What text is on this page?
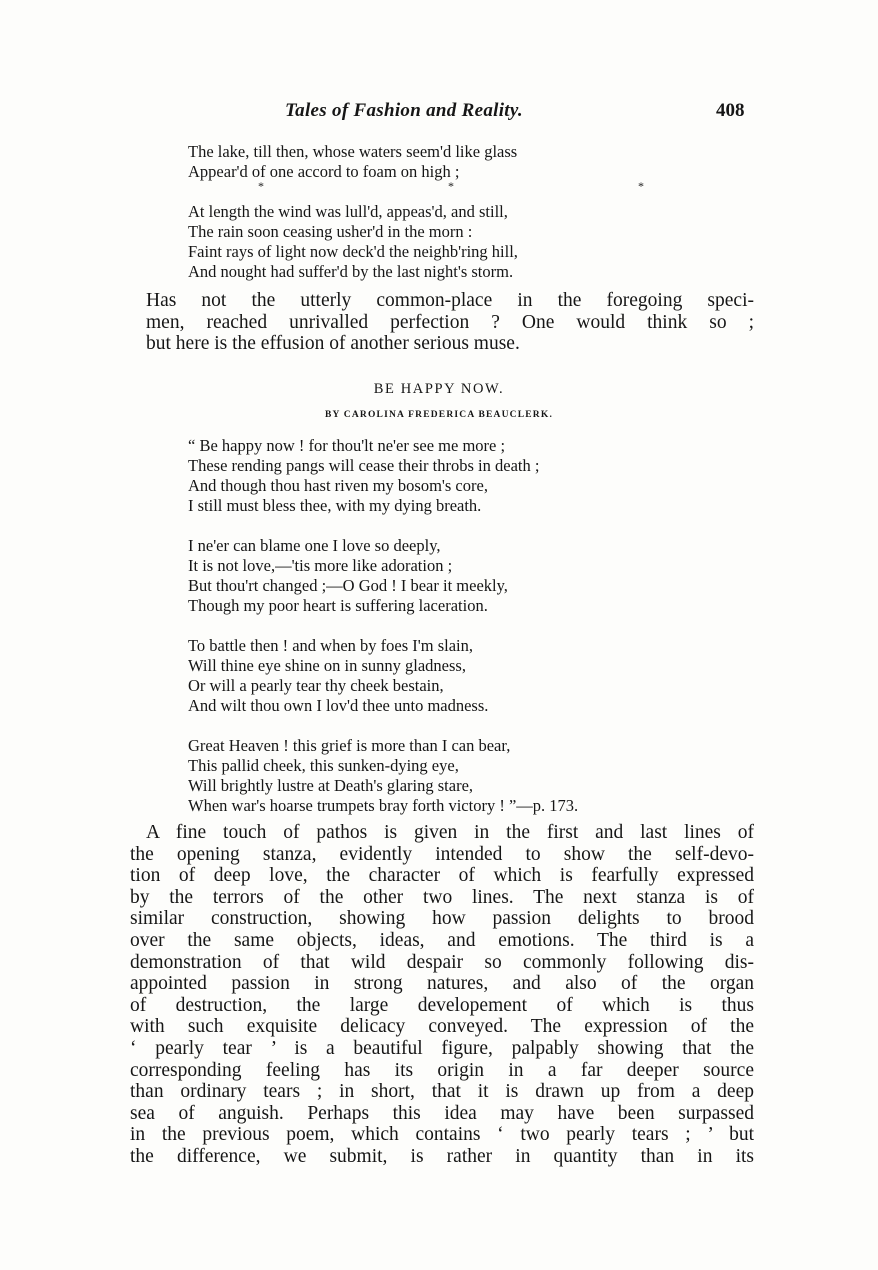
Tales of Fashion and Reality.	408
The lake, till then, whose waters seem'd like glass
Appear'd of one accord to foam on high ;
*	*	*
At length the wind was lull'd, appeas'd, and still,
The rain soon ceasing usher'd in the morn :
Faint rays of light now deck'd the neighb'ring hill,
And nought had suffer'd by the last night's storm.
Has not the utterly common-place in the foregoing speci-
men, reached unrivalled perfection ? One would think so ;
but here is the effusion of another serious muse.
BE HAPPY NOW.
BY CAROLINA FREDERICA BEAUCLERK.
“ Be happy now ! for thou'lt ne'er see me more ;
These rending pangs will cease their throbs in death ;
And though thou hast riven my bosom's core,
I still must bless thee, with my dying breath.
I ne'er can blame one I love so deeply,
It is not love,—'tis more like adoration ;
But thou'rt changed ;—O God ! I bear it meekly,
Though my poor heart is suffering laceration.
To battle then ! and when by foes I'm slain,
Will thine eye shine on in sunny gladness,
Or will a pearly tear thy cheek bestain,
And wilt thou own I lov'd thee unto madness.
Great Heaven ! this grief is more than I can bear,
This pallid cheek, this sunken-dying eye,
Will brightly lustre at Death's glaring stare,
When war's hoarse trumpets bray forth victory ! ”—p. 173.
A fine touch of pathos is given in the first and last lines of
the opening stanza, evidently intended to show the self-devo-
tion of deep love, the character of which is fearfully expressed
by the terrors of the other two lines. The next stanza is of
similar construction, showing how passion delights to brood
over the same objects, ideas, and emotions. The third is a
demonstration of that wild despair so commonly following dis-
appointed passion in strong natures, and also of the organ
of destruction, the large developement of which is thus
with such exquisite delicacy conveyed. The expression of the
‘ pearly tear ’ is a beautiful figure, palpably showing that the
corresponding feeling has its origin in a far deeper source
than ordinary tears ; in short, that it is drawn up from a deep
sea of anguish. Perhaps this idea may have been surpassed
in the previous poem, which contains ‘ two pearly tears ; ’ but
the difference, we submit, is rather in quantity than in its
